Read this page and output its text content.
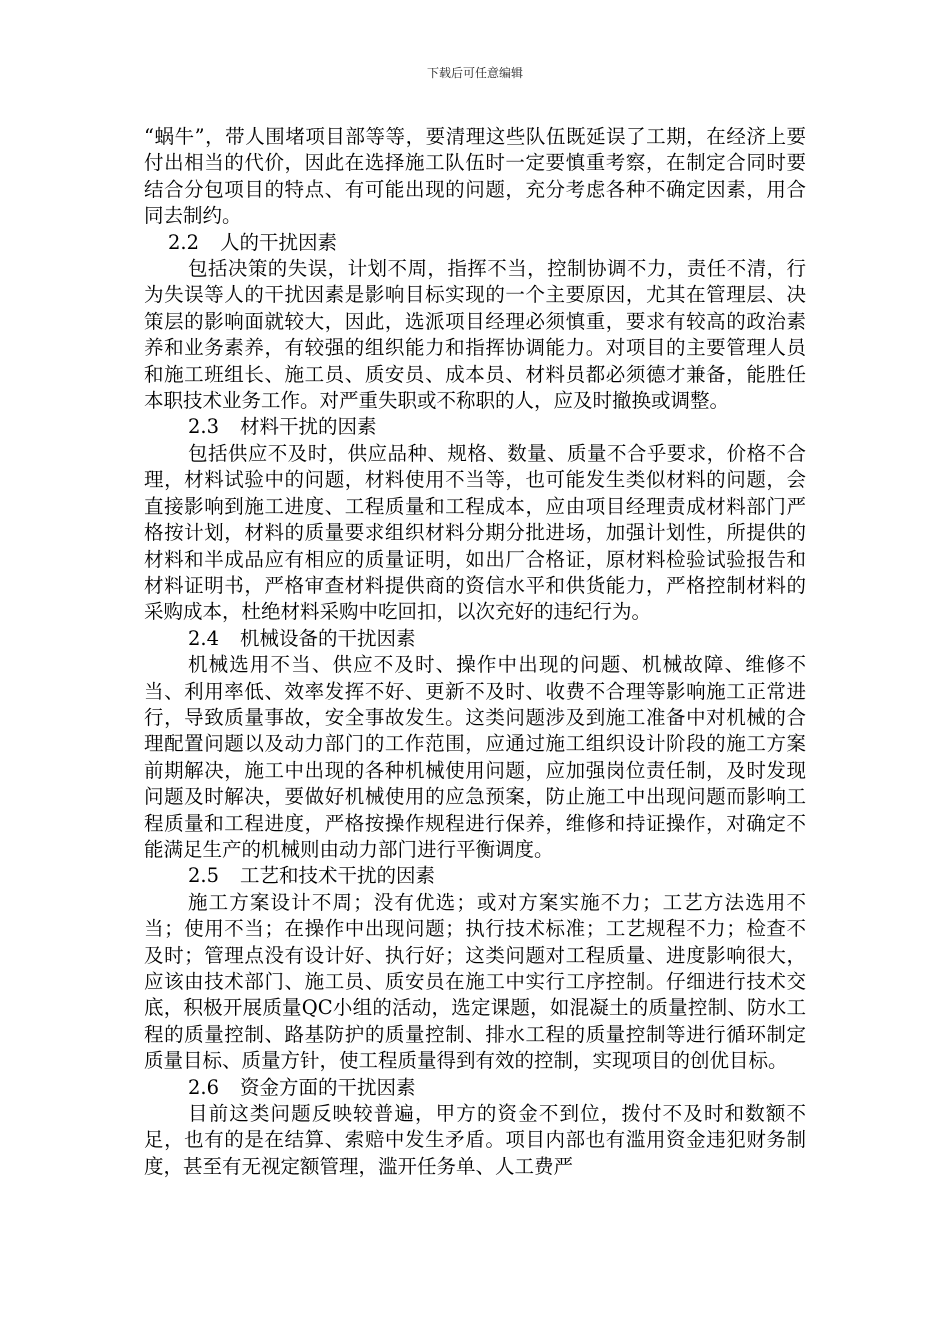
下载后可任意编辑

“蜗牛”，带人围堵项目部等等，要清理这些队伍既延误了工期，在经济上要付出相当的代价，因此在选择施工队伍时一定要慎重考察，在制定合同时要结合分包项目的特点、有可能出现的问题，充分考虑各种不确定因素，用合同去制约。

2.2 人的干扰因素

包括决策的失误，计划不周，指挥不当，控制协调不力，责任不清，行为失误等人的干扰因素是影响目标实现的一个主要原因，尤其在管理层、决策层的影响面就较大，因此，选派项目经理必须慎重，要求有较高的政治素养和业务素养，有较强的组织能力和指挥协调能力。对项目的主要管理人员和施工班组长、施工员、质安员、成本员、材料员都必须德才兼备，能胜任本职技术业务工作。对严重失职或不称职的人，应及时撤换或调整。

2.3 材料干扰的因素

包括供应不及时，供应品种、规格、数量、质量不合乎要求，价格不合理，材料试验中的问题，材料使用不当等，也可能发生类似材料的问题，会直接影响到施工进度、工程质量和工程成本，应由项目经理责成材料部门严格按计划，材料的质量要求组织材料分期分批进场，加强计划性，所提供的材料和半成品应有相应的质量证明，如出厂合格证，原材料检验试验报告和材料证明书，严格审查材料提供商的资信水平和供货能力，严格控制材料的采购成本，杜绝材料采购中吃回扣，以次充好的违纪行为。

2.4 机械设备的干扰因素

机械选用不当、供应不及时、操作中出现的问题、机械故障、维修不当、利用率低、效率发挥不好、更新不及时、收费不合理等影响施工正常进行，导致质量事故，安全事故发生。这类问题涉及到施工准备中对机械的合理配置问题以及动力部门的工作范围，应通过施工组织设计阶段的施工方案前期解决，施工中出现的各种机械使用问题，应加强岗位责任制，及时发现问题及时解决，要做好机械使用的应急预案，防止施工中出现问题而影响工程质量和工程进度，严格按操作规程进行保养，维修和持证操作，对确定不能满足生产的机械则由动力部门进行平衡调度。

2.5 工艺和技术干扰的因素

施工方案设计不周；没有优选；或对方案实施不力；工艺方法选用不当；使用不当；在操作中出现问题；执行技术标准；工艺规程不力；检查不及时；管理点没有设计好、执行好；这类问题对工程质量、进度影响很大，应该由技术部门、施工员、质安员在施工中实行工序控制。仔细进行技术交底，积极开展质量QC小组的活动，选定课题，如混凝土的质量控制、防水工程的质量控制、路基防护的质量控制、排水工程的质量控制等进行循环制定质量目标、质量方针，使工程质量得到有效的控制，实现项目的创优目标。

2.6 资金方面的干扰因素

目前这类问题反映较普遍，甲方的资金不到位，拨付不及时和数额不足，也有的是在结算、索赔中发生矛盾。项目内部也有滥用资金违犯财务制度，甚至有无视定额管理，滥开任务单、人工费严
